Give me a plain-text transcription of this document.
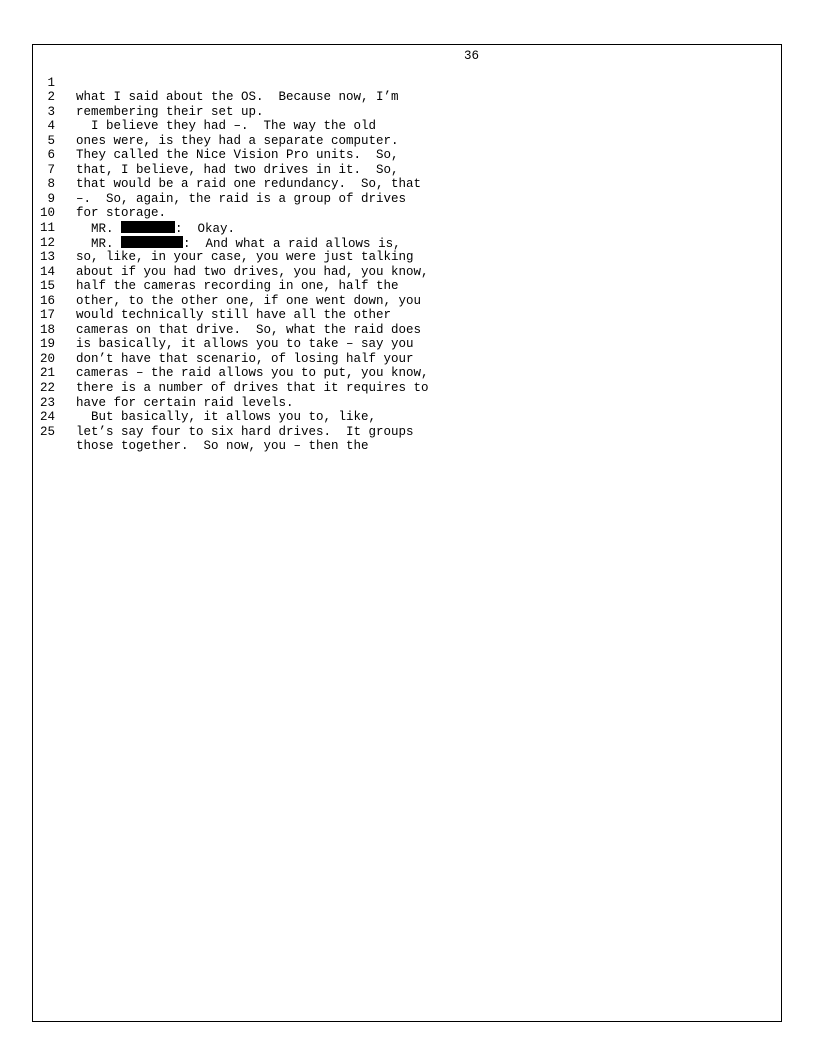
36

1

what I said about the OS.  Because now, I’m

2

remembering their set up.

3

I believe they had –.  The way the old

4

ones were, is they had a separate computer.

5

They called the Nice Vision Pro units.  So,

6

that, I believe, had two drives in it.  So,

7

that would be a raid one redundancy.  So, that

8

–.  So, again, the raid is a group of drives

9

for storage.

10

MR.	:  Okay.

11

MR.	:  And what a raid allows is,

12

so, like, in your case, you were just talking

13

about if you had two drives, you had, you know,

14

half the cameras recording in one, half the

15

other, to the other one, if one went down, you

16

would technically still have all the other

17

cameras on that drive.  So, what the raid does

18

is basically, it allows you to take – say you

19

don’t have that scenario, of losing half your

20

cameras – the raid allows you to put, you know,

21

there is a number of drives that it requires to

22

have for certain raid levels.

23

But basically, it allows you to, like,

24

let’s say four to six hard drives.  It groups

25

those together.  So now, you – then the
